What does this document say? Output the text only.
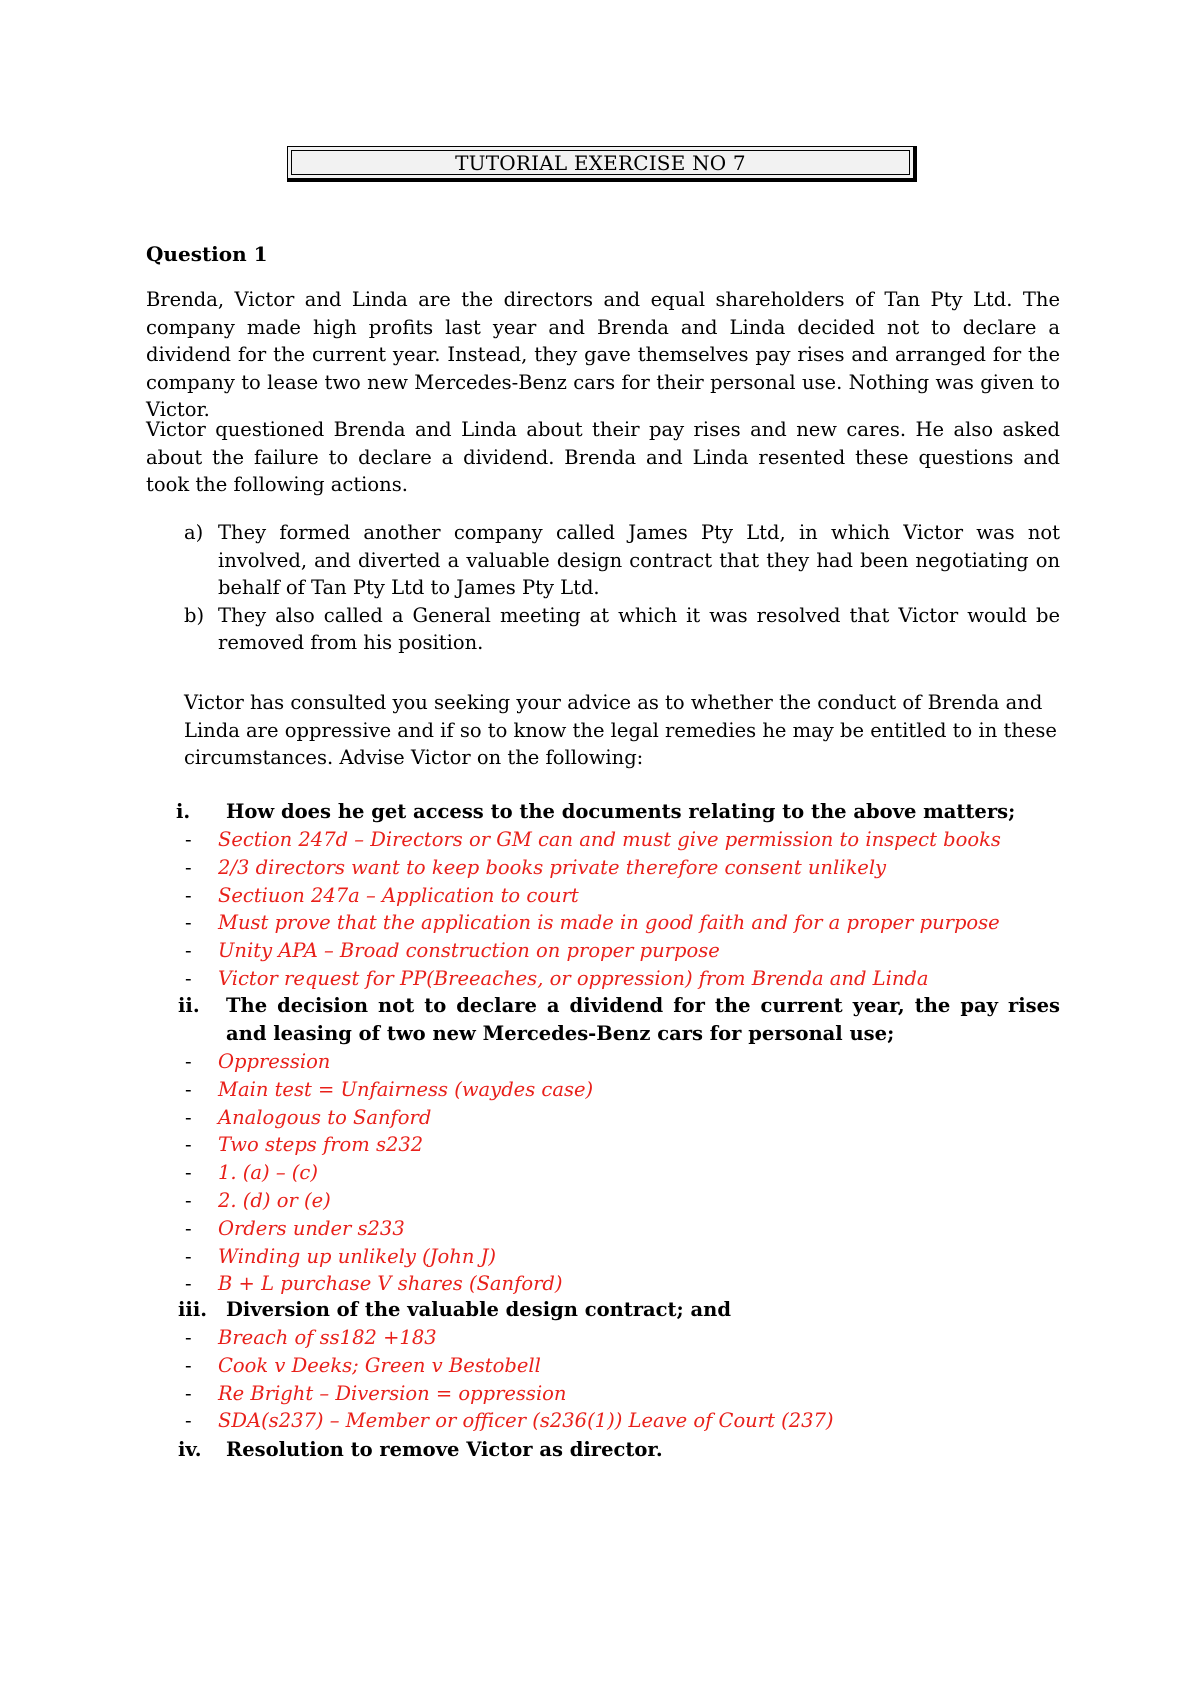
TUTORIAL EXERCISE NO 7
Question 1

Brenda, Victor and Linda are the directors and equal shareholders of Tan Pty Ltd. The company made high profits last year and Brenda and Linda decided not to declare a dividend for the current year. Instead, they gave themselves pay rises and arranged for the company to lease two new Mercedes-Benz cars for their personal use. Nothing was given to Victor.

Victor questioned Brenda and Linda about their pay rises and new cares. He also asked about the failure to declare a dividend. Brenda and Linda resented these questions and took the following actions.

a) They formed another company called James Pty Ltd, in which Victor was not involved, and diverted a valuable design contract that they had been negotiating on behalf of Tan Pty Ltd to James Pty Ltd.
b) They also called a General meeting at which it was resolved that Victor would be removed from his position.

Victor has consulted you seeking your advice as to whether the conduct of Brenda and Linda are oppressive and if so to know the legal remedies he may be entitled to in these circumstances. Advise Victor on the following:

i.	How does he get access to the documents relating to the above matters;
- Section 247d – Directors or GM can and must give permission to inspect books
- 2/3 directors want to keep books private therefore consent unlikely
- Sectiuon 247a – Application to court
- Must prove that the application is made in good faith and for a proper purpose
- Unity APA – Broad construction on proper purpose
- Victor request for PP(Breeaches, or oppression) from Brenda and Linda
ii.	The decision not to declare a dividend for the current year, the pay rises and leasing of two new Mercedes-Benz cars for personal use;
- Oppression
- Main test = Unfairness (waydes case)
- Analogous to Sanford
- Two steps from s232
- 1. (a) – (c)
- 2. (d) or (e)
- Orders under s233
- Winding up unlikely (John J)
- B + L purchase V shares (Sanford)
iii. Diversion of the valuable design contract; and
- Breach of ss182 +183
- Cook v Deeks; Green v Bestobell
- Re Bright – Diversion = oppression
- SDA(s237) – Member or officer (s236(1)) Leave of Court (237)
iv.	Resolution to remove Victor as director.
